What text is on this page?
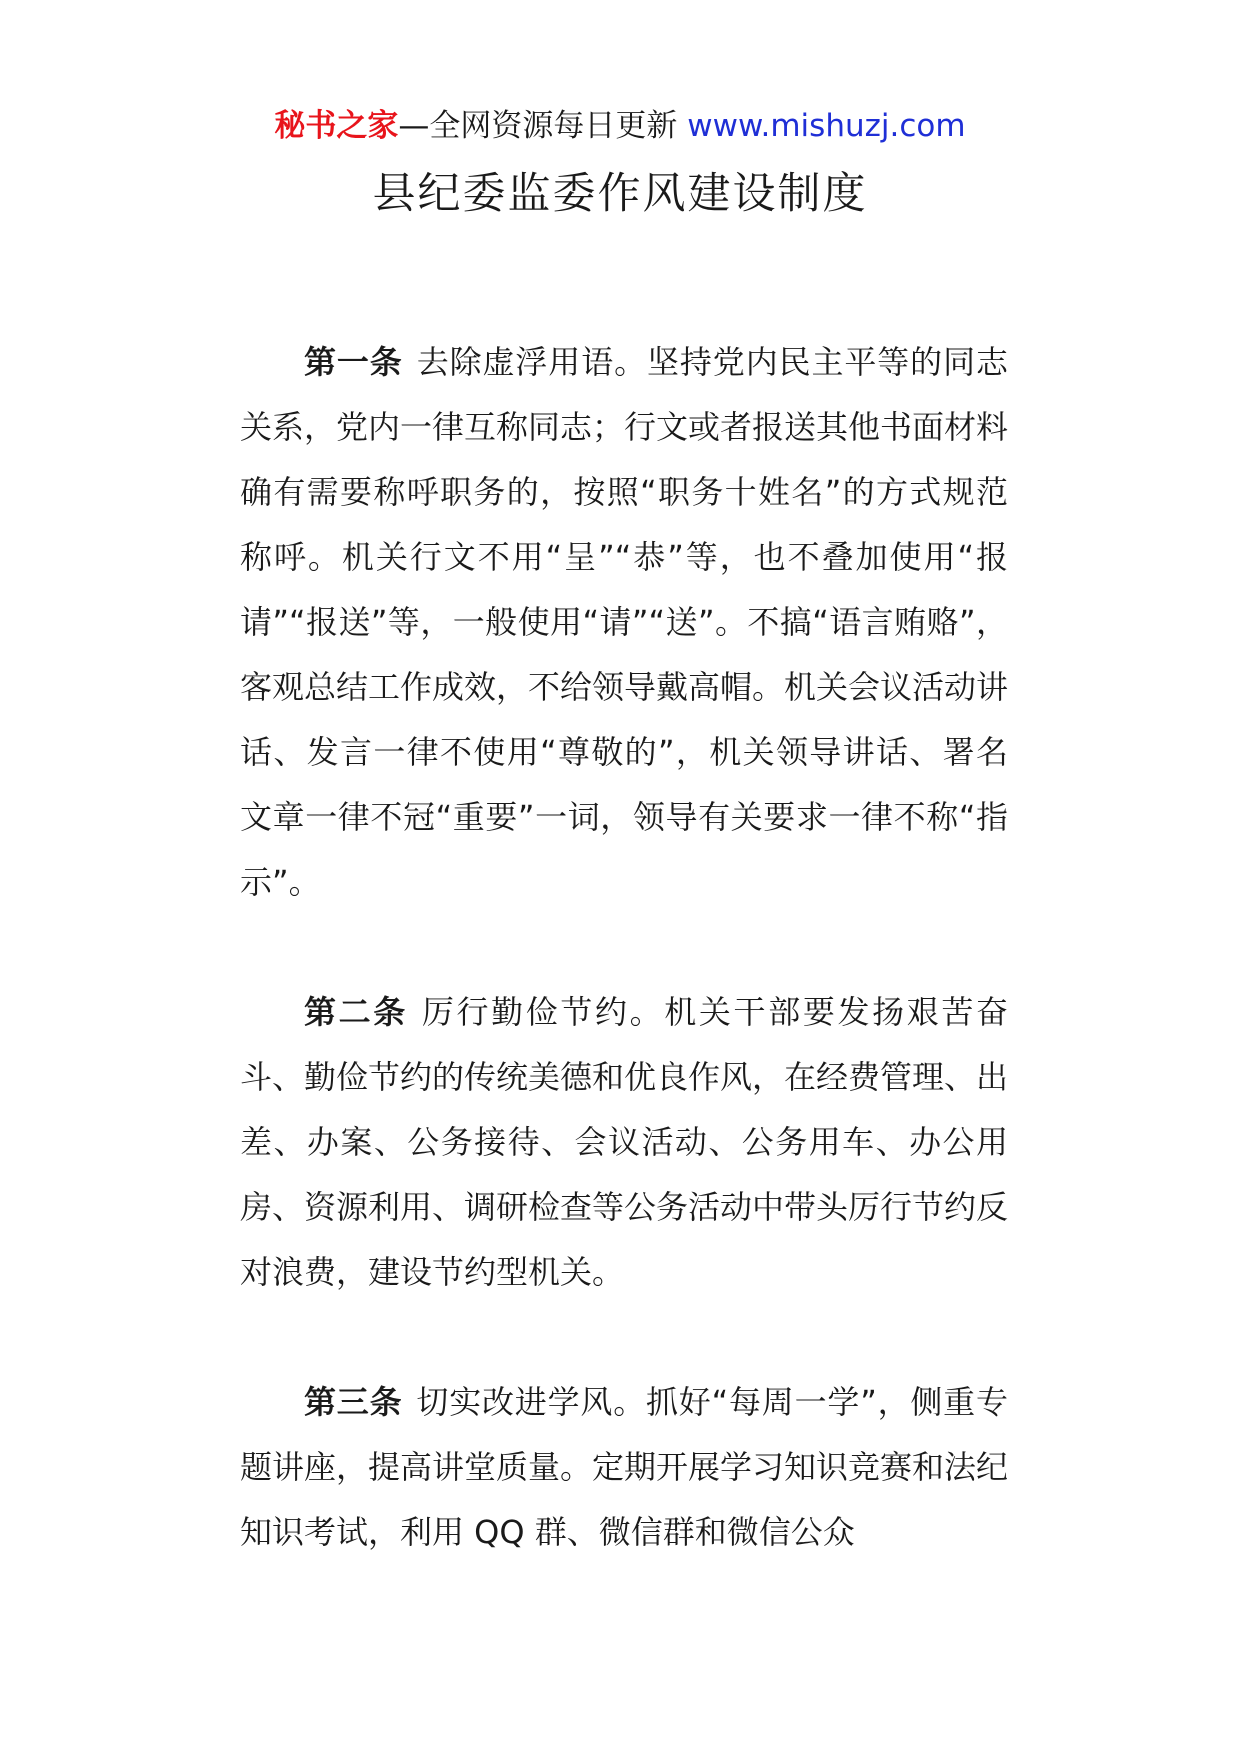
秘书之家—全网资源每日更新 www.mishuzj.com
县纪委监委作风建设制度

第一条 去除虚浮用语。坚持党内民主平等的同志关系，党内一律互称同志；行文或者报送其他书面材料确有需要称呼职务的，按照“职务十姓名”的方式规范称呼。机关行文不用“呈”“恭”等，也不叠加使用“报请”“报送”等，一般使用“请”“送”。不搞“语言贿赂”，客观总结工作成效，不给领导戴高帽。机关会议活动讲话、发言一律不使用“尊敬的”，机关领导讲话、署名文章一律不冠“重要”一词，领导有关要求一律不称“指示”。

第二条 厉行勤俭节约。机关干部要发扬艰苦奋斗、勤俭节约的传统美德和优良作风，在经费管理、出差、办案、公务接待、会议活动、公务用车、办公用房、资源利用、调研检查等公务活动中带头厉行节约反对浪费，建设节约型机关。

第三条 切实改进学风。抓好“每周一学”，侧重专题讲座，提高讲堂质量。定期开展学习知识竞赛和法纪知识考试，利用 QQ 群、微信群和微信公众
